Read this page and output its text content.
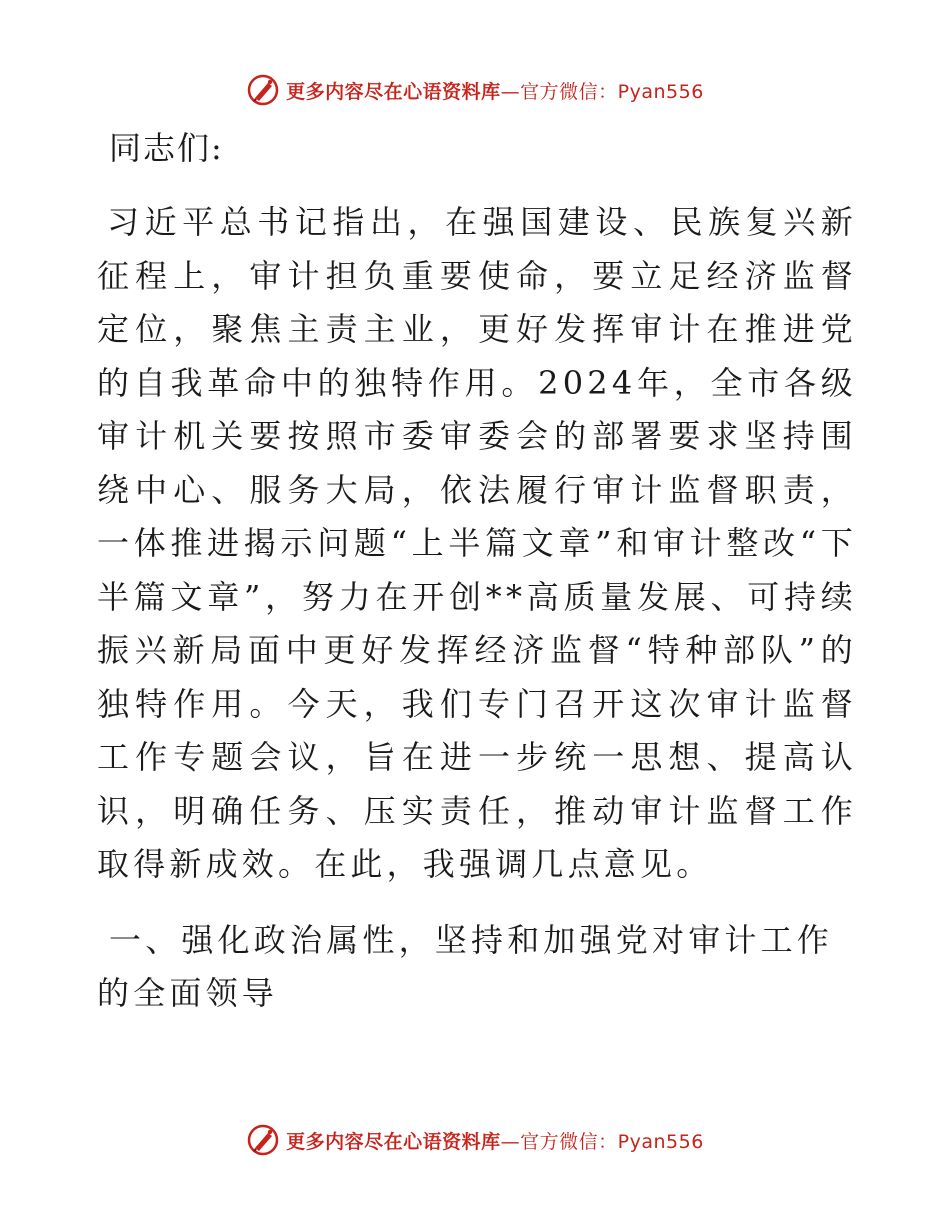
更多内容尽在心语资料库—官方微信：Pyan556

同志们:

习近平总书记指出，在强国建设、民族复兴新征程上，审计担负重要使命，要立足经济监督定位，聚焦主责主业，更好发挥审计在推进党的自我革命中的独特作用。2024年，全市各级审计机关要按照市委审委会的部署要求坚持围绕中心、服务大局，依法履行审计监督职责，一体推进揭示问题“上半篇文章”和审计整改“下半篇文章”，努力在开创**高质量发展、可持续振兴新局面中更好发挥经济监督“特种部队”的独特作用。今天，我们专门召开这次审计监督工作专题会议，旨在进一步统一思想、提高认识，明确任务、压实责任，推动审计监督工作取得新成效。在此，我强调几点意见。

一、强化政治属性，坚持和加强党对审计工作的全面领导

更多内容尽在心语资料库—官方微信：Pyan556
